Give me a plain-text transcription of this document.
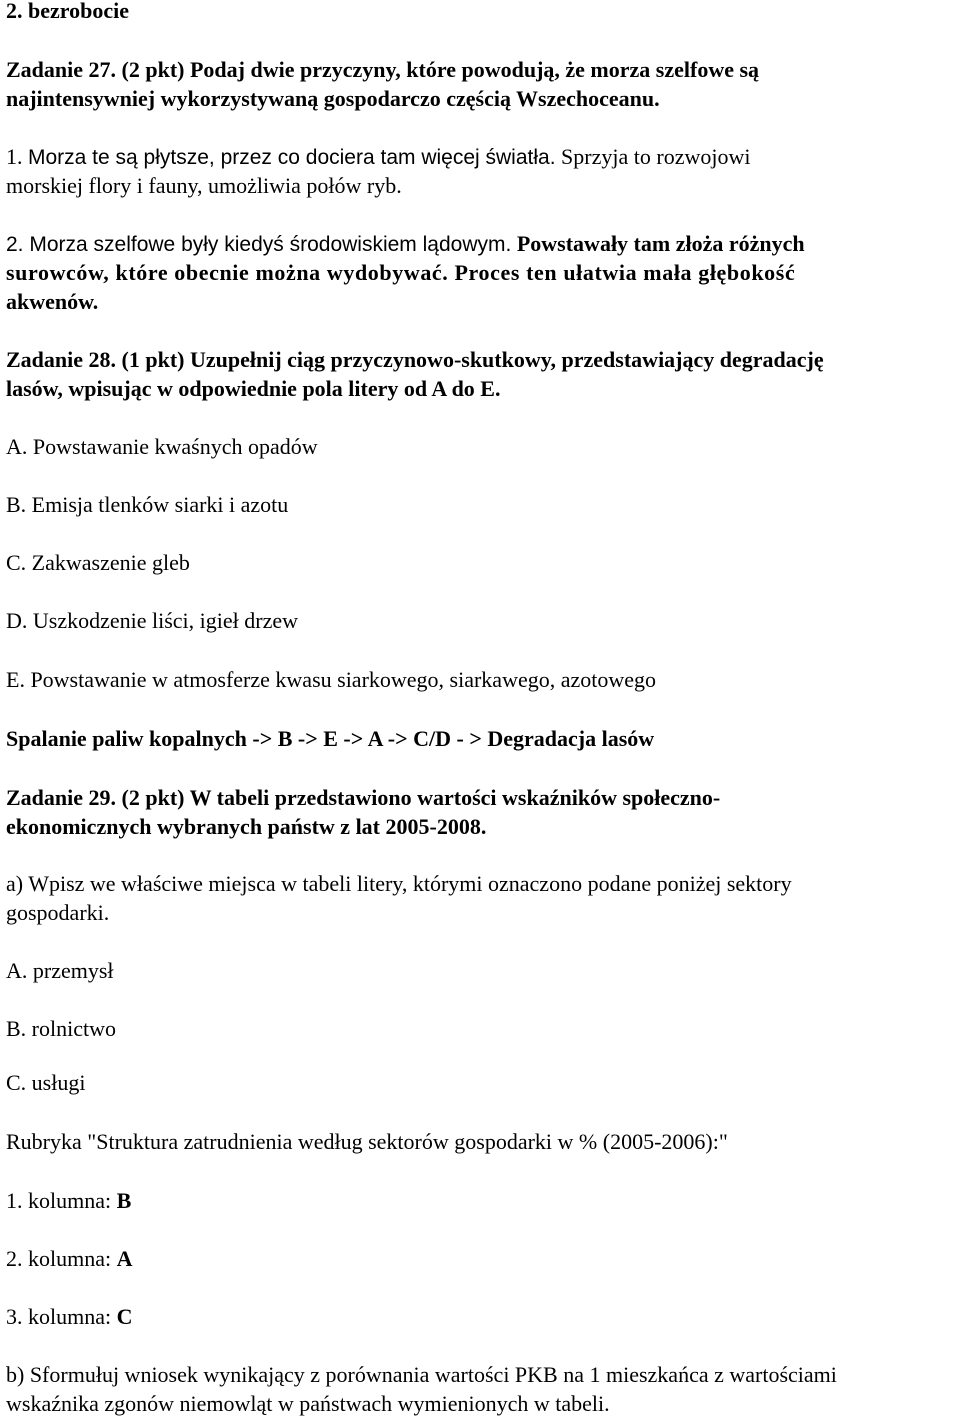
2. bezrobocie

Zadanie 27. (2 pkt) Podaj dwie przyczyny, które powodują, że morza szelfowe są

najintensywniej wykorzystywaną gospodarczo częścią Wszechoceanu.

1. Morza te są płytsze, przez co dociera tam więcej światła. Sprzyja to rozwojowi

morskiej flory i fauny, umożliwia połów ryb.

2. Morza szelfowe były kiedyś środowiskiem lądowym. Powstawały tam złoża różnych

surowców, które obecnie można wydobywać. Proces ten ułatwia mała głębokość

akwenów.

Zadanie 28. (1 pkt) Uzupełnij ciąg przyczynowo-skutkowy, przedstawiający degradację

lasów, wpisując w odpowiednie pola litery od A do E.

A. Powstawanie kwaśnych opadów

B. Emisja tlenków siarki i azotu

C. Zakwaszenie gleb

D. Uszkodzenie liści, igieł drzew

E. Powstawanie w atmosferze kwasu siarkowego, siarkawego, azotowego

Spalanie paliw kopalnych -> B -> E -> A -> C/D - > Degradacja lasów

Zadanie 29. (2 pkt) W tabeli przedstawiono wartości wskaźników społeczno-

ekonomicznych wybranych państw z lat 2005-2008.

a) Wpisz we właściwe miejsca w tabeli litery, którymi oznaczono podane poniżej sektory

gospodarki.

A. przemysł

B. rolnictwo

C. usługi

Rubryka "Struktura zatrudnienia według sektorów gospodarki w % (2005-2006):"

1. kolumna: B

2. kolumna: A

3. kolumna: C

b) Sformułuj wniosek wynikający z porównania wartości PKB na 1 mieszkańca z wartościami

wskaźnika zgonów niemowląt w państwach wymienionych w tabeli.
